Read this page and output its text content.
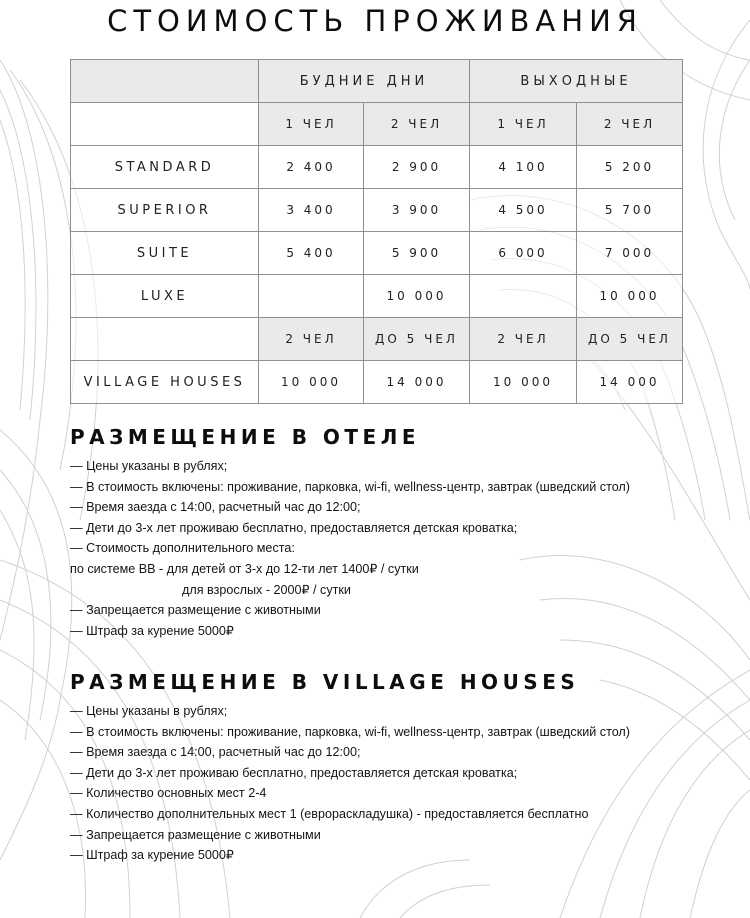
СТОИМОСТЬ ПРОЖИВАНИЯ
	БУДНИЕ ДНИ		ВЫХОДНЫЕ	
	1 ЧЕЛ	2 ЧЕЛ	1 ЧЕЛ	2 ЧЕЛ
STANDARD	2 400	2 900	4 100	5 200
SUPERIOR	3 400	3 900	4 500	5 700
SUITE	5 400	5 900	6 000	7 000
LUXE		10 000		10 000
	2 ЧЕЛ	ДО 5 ЧЕЛ	2 ЧЕЛ	ДО 5 ЧЕЛ
VILLAGE HOUSES	10 000	14 000	10 000	14 000
РАЗМЕЩЕНИЕ В ОТЕЛЕ
— Цены указаны в рублях;
— В стоимость включены: проживание, парковка, wi-fi, wellness-центр, завтрак (шведский стол)
— Время заезда с 14:00, расчетный час до 12:00;
— Дети до 3-х лет проживаю бесплатно, предоставляется детская кроватка;
— Стоимость дополнительного места:
по системе BB - для детей от 3-х до 12-ти лет 1400₽ / сутки
для взрослых - 2000₽ / сутки
— Запрещается размещение с животными
— Штраф за курение 5000₽
РАЗМЕЩЕНИЕ В VILLAGE HOUSES
— Цены указаны в рублях;
— В стоимость включены: проживание, парковка, wi-fi, wellness-центр, завтрак (шведский стол)
— Время заезда с 14:00, расчетный час до 12:00;
— Дети до 3-х лет проживаю бесплатно, предоставляется детская кроватка;
— Количество основных мест 2-4
— Количество дополнительных мест 1 (еврораскладушка) - предоставляется бесплатно
— Запрещается размещение с животными
— Штраф за курение 5000₽
